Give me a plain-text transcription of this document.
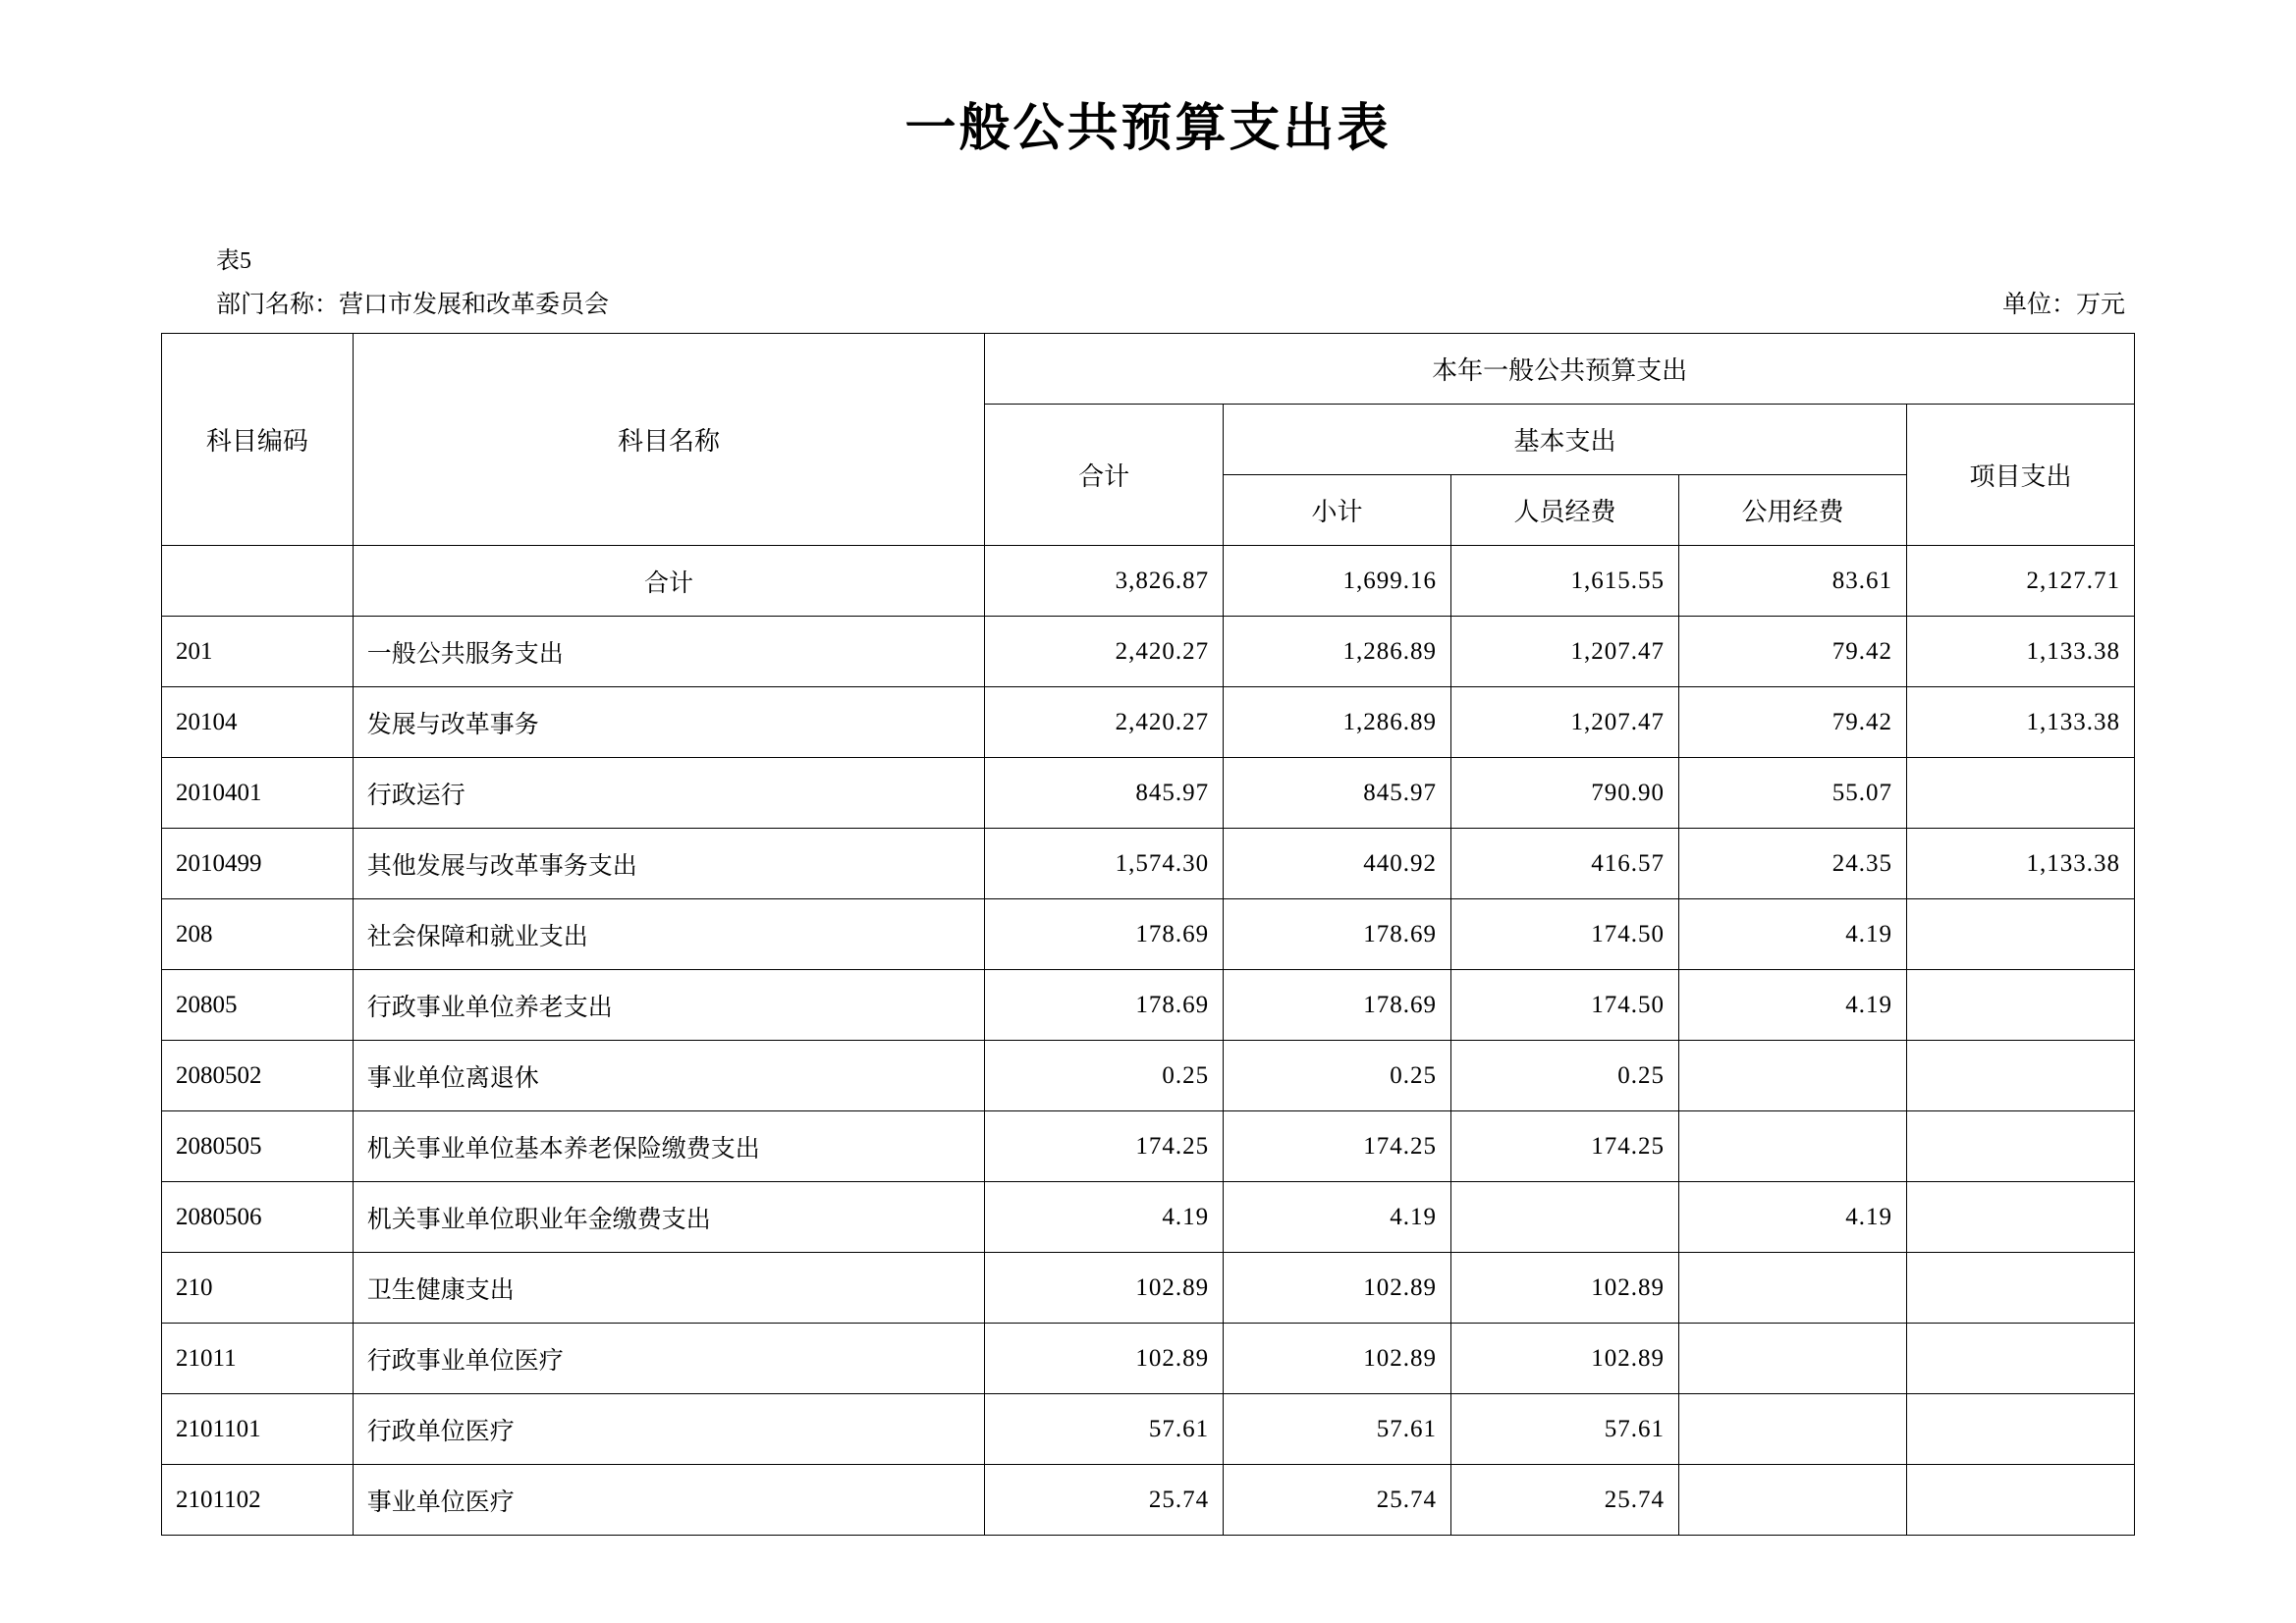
一般公共预算支出表
表5
部门名称：营口市发展和改革委员会	单位：万元
科目编码	科目名称	本年一般公共预算支出				
		合计	基本支出			项目支出
			小计	人员经费	公用经费	
	合计	3,826.87	1,699.16	1,615.55	83.61	2,127.71
201	一般公共服务支出	2,420.27	1,286.89	1,207.47	79.42	1,133.38
20104	发展与改革事务	2,420.27	1,286.89	1,207.47	79.42	1,133.38
2010401	行政运行	845.97	845.97	790.90	55.07	
2010499	其他发展与改革事务支出	1,574.30	440.92	416.57	24.35	1,133.38
208	社会保障和就业支出	178.69	178.69	174.50	4.19	
20805	行政事业单位养老支出	178.69	178.69	174.50	4.19	
2080502	事业单位离退休	0.25	0.25	0.25		
2080505	机关事业单位基本养老保险缴费支出	174.25	174.25	174.25		
2080506	机关事业单位职业年金缴费支出	4.19	4.19		4.19	
210	卫生健康支出	102.89	102.89	102.89		
21011	行政事业单位医疗	102.89	102.89	102.89		
2101101	行政单位医疗	57.61	57.61	57.61		
2101102	事业单位医疗	25.74	25.74	25.74		
